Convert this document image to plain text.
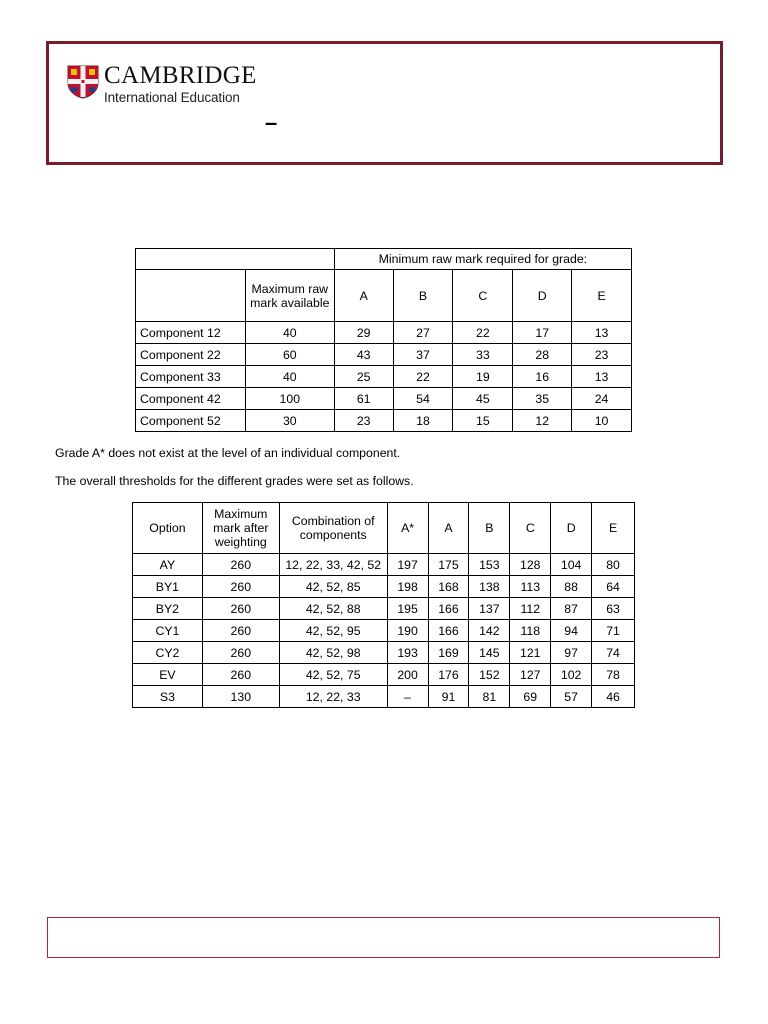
CAMBRIDGE
International Education
–
		Minimum raw mark required for grade:				
	Maximum raw mark available	A	B	C	D	E
Component 12	40	29	27	22	17	13
Component 22	60	43	37	33	28	23
Component 33	40	25	22	19	16	13
Component 42	100	61	54	45	35	24
Component 52	30	23	18	15	12	10
Grade A* does not exist at the level of an individual component.
The overall thresholds for the different grades were set as follows.
Option	Maximum mark after weighting	Combination of components	A*	A	B	C	D	E
AY	260	12, 22, 33, 42, 52	197	175	153	128	104	80
BY1	260	42, 52, 85	198	168	138	113	88	64
BY2	260	42, 52, 88	195	166	137	112	87	63
CY1	260	42, 52, 95	190	166	142	118	94	71
CY2	260	42, 52, 98	193	169	145	121	97	74
EV	260	42, 52, 75	200	176	152	127	102	78
S3	130	12, 22, 33	–	91	81	69	57	46
